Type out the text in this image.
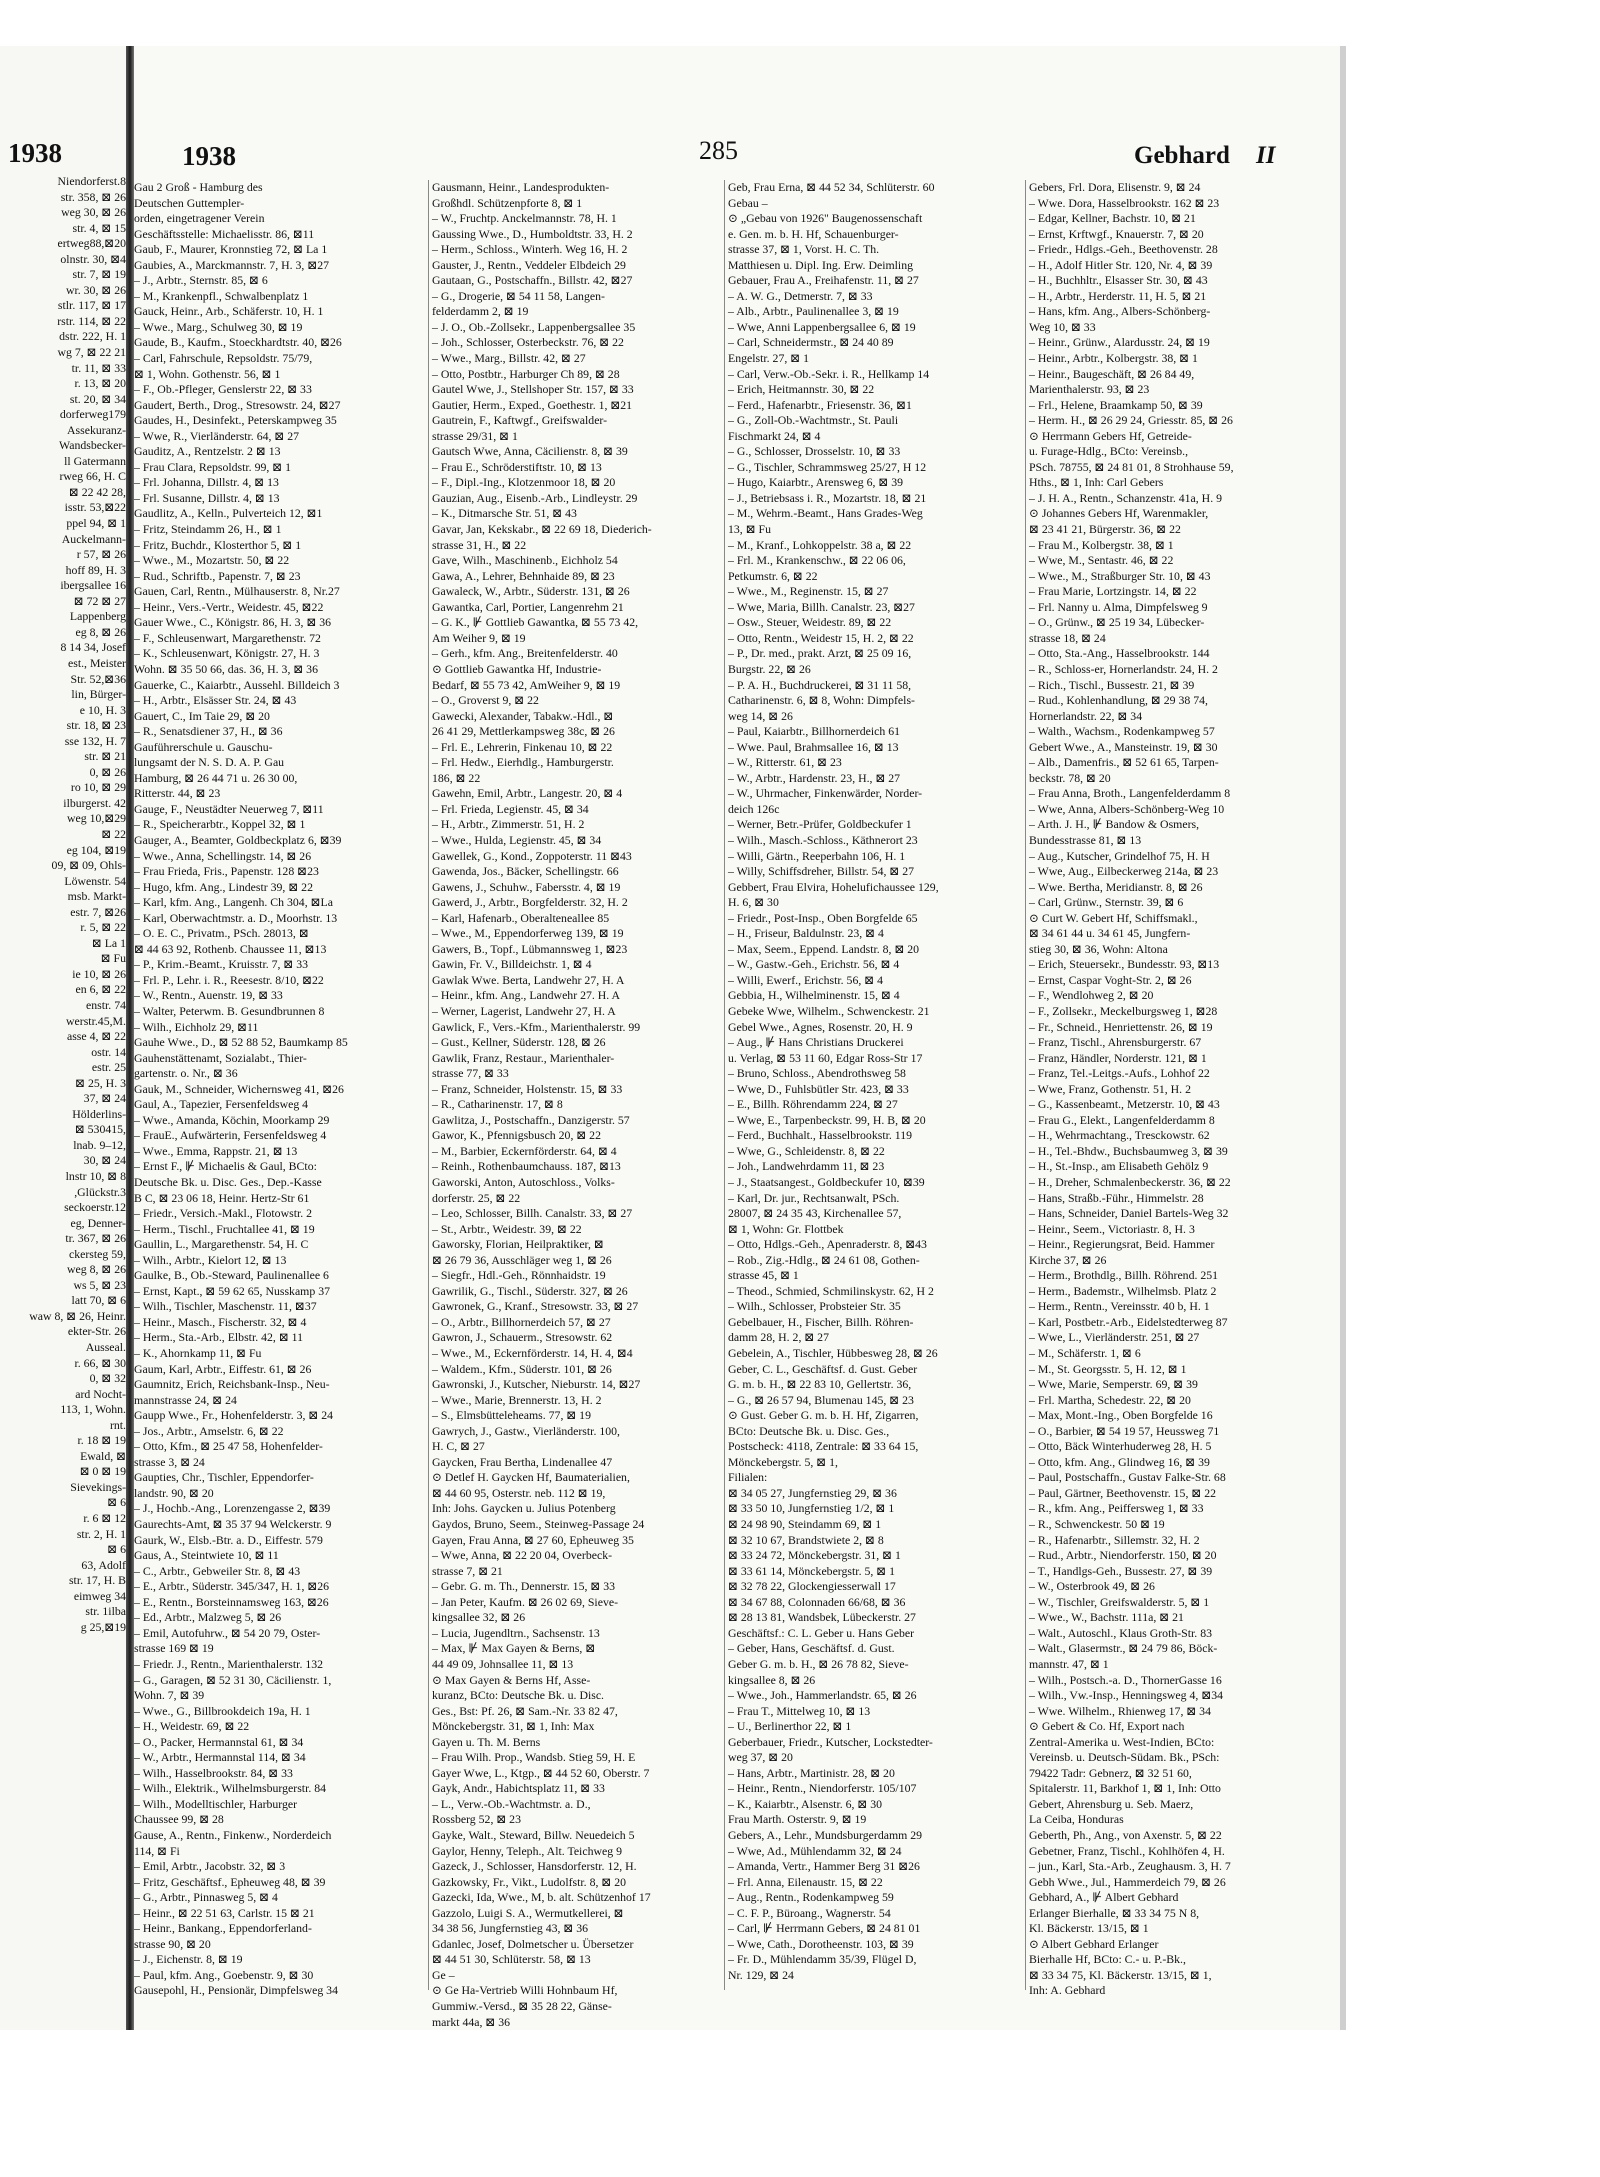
1938
Niendorferst.8
str. 358, ⊠ 26
weg 30, ⊠ 26
str. 4, ⊠ 15
ertweg88,⊠20
olnstr. 30, ⊠4
str. 7, ⊠ 19
wr. 30, ⊠ 26
stlr. 117, ⊠ 17
rstr. 114, ⊠ 22
dstr. 222, H. 1
wg 7, ⊠ 22 21
tr. 11, ⊠ 33
r. 13, ⊠ 20
st. 20, ⊠ 34
dorferweg179
Assekuranz-
Wandsbecker-
ll Gatermann
rweg 66, H. C
⊠ 22 42 28,
isstr. 53,⊠22
ppel 94, ⊠ 1
Auckelmann-
r 57, ⊠ 26
hoff 89, H. 3
ibergsallee 16
⊠ 72 ⊠ 27
Lappenberg
eg 8, ⊠ 26
8 14 34, Josef
est., Meister
Str. 52,⊠36
lin, Bürger-
e 10, H. 3
str. 18, ⊠ 23
sse 132, H. 7
str. ⊠ 21
0, ⊠ 26
ro 10, ⊠ 29
ilburgerst. 42
weg 10,⊠29
⊠ 22
eg 104, ⊠19
09, ⊠ 09, Ohls-
Löwenstr. 54
msb. Markt-
estr. 7, ⊠26
r. 5, ⊠ 22
⊠ La 1
⊠ Fu
ie 10, ⊠ 26
en 6, ⊠ 22
enstr. 74
werstr.45,M.
asse 4, ⊠ 22
ostr. 14
estr. 25
⊠ 25, H. 3
37, ⊠ 24
Hölderlins-
⊠ 530415,
lnab. 9–12,
30, ⊠ 24
lnstr 10, ⊠ 8
,Glückstr.3
seckoerstr.12
eg, Denner-
tr. 367, ⊠ 26
ckersteg 59,
weg 8, ⊠ 26
ws 5, ⊠ 23
latt 70, ⊠ 6
waw 8, ⊠ 26, Heinr.
ekter-Str. 26
Ausseal.
r. 66, ⊠ 30
0, ⊠ 32
ard Nocht-
113, 1, Wohn.
rnt.
r. 18 ⊠ 19
Ewald, ⊠
⊠ 0 ⊠ 19
Sievekings-
⊠ 6
r. 6 ⊠ 12
str. 2, H. 1
⊠ 6
63, Adolf
str. 17, H. B
eimweg 34
str. 1ilba
g 25,⊠19
1938	285	Gebhard II
Gau 2 Groß - Hamburg des
Deutschen Guttempler-
orden, eingetragener Verein
Geschäftsstelle: Michaelisstr. 86, ⊠11
Gaub, F., Maurer, Kronnstieg 72, ⊠ La 1
Gaubies, A., Marckmannstr. 7, H. 3, ⊠27
– J., Arbtr., Sternstr. 85, ⊠ 6
– M., Krankenpfl., Schwalbenplatz 1
Gauck, Heinr., Arb., Schäferstr. 10, H. 1
– Wwe., Marg., Schulweg 30, ⊠ 19
Gaude, B., Kaufm., Stoeckhardtstr. 40, ⊠26
– Carl, Fahrschule, Repsoldstr. 75/79,
⊠ 1, Wohn. Gothenstr. 56, ⊠ 1
– F., Ob.-Pfleger, Genslerstr 22, ⊠ 33
Gaudert, Berth., Drog., Stresowstr. 24, ⊠27
Gaudes, H., Desinfekt., Peterskampweg 35
– Wwe, R., Vierländerstr. 64, ⊠ 27
Gauditz, A., Rentzelstr. 2 ⊠ 13
– Frau Clara, Repsoldstr. 99, ⊠ 1
– Frl. Johanna, Dillstr. 4, ⊠ 13
– Frl. Susanne, Dillstr. 4, ⊠ 13
Gaudlitz, A., Kelln., Pulverteich 12, ⊠1
– Fritz, Steindamm 26, H., ⊠ 1
– Fritz, Buchdr., Klosterthor 5, ⊠ 1
– Wwe., M., Mozartstr. 50, ⊠ 22
– Rud., Schriftb., Papenstr. 7, ⊠ 23
Gauen, Carl, Rentn., Mülhauserstr. 8, Nr.27
– Heinr., Vers.-Vertr., Weidestr. 45, ⊠22
Gauer Wwe., C., Königstr. 86, H. 3, ⊠ 36
– F., Schleusenwart, Margarethenstr. 72
– K., Schleusenwart, Königstr. 27, H. 3
Wohn. ⊠ 35 50 66, das. 36, H. 3, ⊠ 36
Gauerke, C., Kaiarbtr., Aussehl. Billdeich 3
– H., Arbtr., Elsässer Str. 24, ⊠ 43
Gauert, C., Im Taie 29, ⊠ 20
– R., Senatsdiener 37, H., ⊠ 36
Gauführerschule u. Gauschu-
lungsamt der N. S. D. A. P. Gau
Hamburg, ⊠ 26 44 71 u. 26 30 00,
Ritterstr. 44, ⊠ 23
Gauge, F., Neustädter Neuerweg 7, ⊠11
– R., Speicherarbtr., Koppel 32, ⊠ 1
Gauger, A., Beamter, Goldbeckplatz 6, ⊠39
– Wwe., Anna, Schellingstr. 14, ⊠ 26
– Frau Frieda, Fris., Papenstr. 128 ⊠23
– Hugo, kfm. Ang., Lindestr 39, ⊠ 22
– Karl, kfm. Ang., Langenh. Ch 304, ⊠La
– Karl, Oberwachtmstr. a. D., Moorhstr. 13
– O. E. C., Privatm., PSch. 28013, ⊠
⊠ 44 63 92, Rothenb. Chaussee 11, ⊠13
– P., Krim.-Beamt., Kruisstr. 7, ⊠ 33
– Frl. P., Lehr. i. R., Reesestr. 8/10, ⊠22
– W., Rentn., Auenstr. 19, ⊠ 33
– Walter, Peterwm. B. Gesundbrunnen 8
– Wilh., Eichholz 29, ⊠11
Gauhe Wwe., D., ⊠ 52 88 52, Baumkamp 85
Gauhenstättenamt, Sozialabt., Thier-
gartenstr. o. Nr., ⊠ 36
Gauk, M., Schneider, Wichernsweg 41, ⊠26
Gaul, A., Tapezier, Fersenfeldsweg 4
– Wwe., Amanda, Köchin, Moorkamp 29
– FrauE., Aufwärterin, Fersenfeldsweg 4
– Wwe., Emma, Rappstr. 21, ⊠ 13
– Ernst F., ⊮ Michaelis & Gaul, BCto:
Deutsche Bk. u. Disc. Ges., Dep.-Kasse
B C, ⊠ 23 06 18, Heinr. Hertz-Str 61
– Friedr., Versich.-Makl., Flotowstr. 2
– Herm., Tischl., Fruchtallee 41, ⊠ 19
Gaullin, L., Margarethenstr. 54, H. C
– Wilh., Arbtr., Kielort 12, ⊠ 13
Gaulke, B., Ob.-Steward, Paulinenallee 6
– Ernst, Kapt., ⊠ 59 62 65, Nusskamp 37
– Wilh., Tischler, Maschenstr. 11, ⊠37
– Heinr., Masch., Fischerstr. 32, ⊠ 4
– Herm., Sta.-Arb., Elbstr. 42, ⊠ 11
– K., Ahornkamp 11, ⊠ Fu
Gaum, Karl, Arbtr., Eiffestr. 61, ⊠ 26
Gaumnitz, Erich, Reichsbank-Insp., Neu-
mannstrasse 24, ⊠ 24
Gaupp Wwe., Fr., Hohenfelderstr. 3, ⊠ 24
– Jos., Arbtr., Amselstr. 6, ⊠ 22
– Otto, Kfm., ⊠ 25 47 58, Hohenfelder-
strasse 3, ⊠ 24
Gaupties, Chr., Tischler, Eppendorfer-
landstr. 90, ⊠ 20
– J., Hochb.-Ang., Lorenzengasse 2, ⊠39
Gaurechts-Amt, ⊠ 35 37 94 Welckerstr. 9
Gaurk, W., Elsb.-Btr. a. D., Eiffestr. 579
Gaus, A., Steintwiete 10, ⊠ 11
– C., Arbtr., Gebweiler Str. 8, ⊠ 43
– E., Arbtr., Süderstr. 345/347, H. 1, ⊠26
– E., Rentn., Borsteinnamsweg 163, ⊠26
– Ed., Arbtr., Malzweg 5, ⊠ 26
– Emil, Autofuhrw., ⊠ 54 20 79, Oster-
strasse 169 ⊠ 19
– Friedr. J., Rentn., Marienthalerstr. 132
– G., Garagen, ⊠ 52 31 30, Cäcilienstr. 1,
Wohn. 7, ⊠ 39
– Wwe., G., Billbrookdeich 19a, H. 1
– H., Weidestr. 69, ⊠ 22
– O., Packer, Hermannstal 61, ⊠ 34
– W., Arbtr., Hermannstal 114, ⊠ 34
– Wilh., Hasselbrookstr. 84, ⊠ 33
– Wilh., Elektrik., Wilhelmsburgerstr. 84
– Wilh., Modelltischler, Harburger
Chaussee 99, ⊠ 28
Gause, A., Rentn., Finkenw., Norderdeich
114, ⊠ Fi
– Emil, Arbtr., Jacobstr. 32, ⊠ 3
– Fritz, Geschäftsf., Epheuweg 48, ⊠ 39
– G., Arbtr., Pinnasweg 5, ⊠ 4
– Heinr., ⊠ 22 51 63, Carlstr. 15 ⊠ 21
– Heinr., Bankang., Eppendorferland-
strasse 90, ⊠ 20
– J., Eichenstr. 8, ⊠ 19
– Paul, kfm. Ang., Goebenstr. 9, ⊠ 30
Gausepohl, H., Pensionär, Dimpfelsweg 34
Gausmann, Heinr., Landesprodukten-
Großhdl. Schützenpforte 8, ⊠ 1
– W., Fruchtp. Anckelmannstr. 78, H. 1
Gaussing Wwe., D., Humboldtstr. 33, H. 2
– Herm., Schloss., Winterh. Weg 16, H. 2
Gauster, J., Rentn., Veddeler Elbdeich 29
Gautaan, G., Postschaffn., Billstr. 42, ⊠27
– G., Drogerie, ⊠ 54 11 58, Langen-
felderdamm 2, ⊠ 19
– J. O., Ob.-Zollsekr., Lappenbergsallee 35
– Joh., Schlosser, Osterbeckstr. 76, ⊠ 22
– Wwe., Marg., Billstr. 42, ⊠ 27
– Otto, Postbtr., Harburger Ch 89, ⊠ 28
Gautel Wwe, J., Stellshoper Str. 157, ⊠ 33
Gautier, Herm., Exped., Goethestr. 1, ⊠21
Gautrein, F., Kaftwgf., Greifswalder-
strasse 29/31, ⊠ 1
Gautsch Wwe, Anna, Cäcilienstr. 8, ⊠ 39
– Frau E., Schröderstiftstr. 10, ⊠ 13
– F., Dipl.-Ing., Klotzenmoor 18, ⊠ 20
Gauzian, Aug., Eisenb.-Arb., Lindleystr. 29
– K., Ditmarsche Str. 51, ⊠ 43
Gavar, Jan, Kekskabr., ⊠ 22 69 18, Diederich-
strasse 31, H., ⊠ 22
Gave, Wilh., Maschinenb., Eichholz 54
Gawa, A., Lehrer, Behnhaide 89, ⊠ 23
Gawaleck, W., Arbtr., Süderstr. 131, ⊠ 26
Gawantka, Carl, Portier, Langenrehm 21
– G. K., ⊮ Gottlieb Gawantka, ⊠ 55 73 42,
Am Weiher 9, ⊠ 19
– Gerh., kfm. Ang., Breitenfelderstr. 40
⊙ Gottlieb Gawantka Hf, Industrie-
Bedarf, ⊠ 55 73 42, AmWeiher 9, ⊠ 19
– O., Groverst 9, ⊠ 22
Gawecki, Alexander, Tabakw.-Hdl., ⊠
26 41 29, Mettlerkampsweg 38c, ⊠ 26
– Frl. E., Lehrerin, Finkenau 10, ⊠ 22
– Frl. Hedw., Eierhdlg., Hamburgerstr.
186, ⊠ 22
Gawehn, Emil, Arbtr., Langestr. 20, ⊠ 4
– Frl. Frieda, Legienstr. 45, ⊠ 34
– H., Arbtr., Zimmerstr. 51, H. 2
– Wwe., Hulda, Legienstr. 45, ⊠ 34
Gawellek, G., Kond., Zoppoterstr. 11 ⊠43
Gawenda, Jos., Bäcker, Schellingstr. 66
Gawens, J., Schuhw., Fabersstr. 4, ⊠ 19
Gawerd, J., Arbtr., Borgfelderstr. 32, H. 2
– Karl, Hafenarb., Oberalteneallee 85
– Wwe., M., Eppendorferweg 139, ⊠ 19
Gawers, B., Topf., Lübmannsweg 1, ⊠23
Gawin, Fr. V., Billdeichstr. 1, ⊠ 4
Gawlak Wwe. Berta, Landwehr 27, H. A
– Heinr., kfm. Ang., Landwehr 27. H. A
– Werner, Lagerist, Landwehr 27, H. A
Gawlick, F., Vers.-Kfm., Marienthalerstr. 99
– Gust., Kellner, Süderstr. 128, ⊠ 26
Gawlik, Franz, Restaur., Marienthaler-
strasse 77, ⊠ 33
– Franz, Schneider, Holstenstr. 15, ⊠ 33
– R., Catharinenstr. 17, ⊠ 8
Gawlitza, J., Postschaffn., Danzigerstr. 57
Gawor, K., Pfennigsbusch 20, ⊠ 22
– M., Barbier, Eckernförderstr. 64, ⊠ 4
– Reinh., Rothenbaumchauss. 187, ⊠13
Gaworski, Anton, Autoschloss., Volks-
dorferstr. 25, ⊠ 22
– Leo, Schlosser, Billh. Canalstr. 33, ⊠ 27
– St., Arbtr., Weidestr. 39, ⊠ 22
Gaworsky, Florian, Heilpraktiker, ⊠
⊠ 26 79 36, Ausschläger weg 1, ⊠ 26
– Siegfr., Hdl.-Geh., Rönnhaidstr. 19
Gawrilik, G., Tischl., Süderstr. 327, ⊠ 26
Gawronek, G., Kranf., Stresowstr. 33, ⊠ 27
– O., Arbtr., Billhornerdeich 57, ⊠ 27
Gawron, J., Schauerm., Stresowstr. 62
– Wwe., M., Eckernförderstr. 14, H. 4, ⊠4
– Waldem., Kfm., Süderstr. 101, ⊠ 26
Gawronski, J., Kutscher, Nieburstr. 14, ⊠27
– Wwe., Marie, Brennerstr. 13, H. 2
– S., Elmsbütteleheams. 77, ⊠ 19
Gawrych, J., Gastw., Vierländerstr. 100,
H. C, ⊠ 27
Gaycken, Frau Bertha, Lindenallee 47
⊙ Detlef H. Gaycken Hf, Baumaterialien,
⊠ 44 60 95, Osterstr. neb. 112 ⊠ 19,
Inh: Johs. Gaycken u. Julius Potenberg
Gaydos, Bruno, Seem., Steinweg-Passage 24
Gayen, Frau Anna, ⊠ 27 60, Epheuweg 35
– Wwe, Anna, ⊠ 22 20 04, Overbeck-
strasse 7, ⊠ 21
– Gebr. G. m. Th., Dennerstr. 15, ⊠ 33
– Jan Peter, Kaufm. ⊠ 26 02 69, Sieve-
kingsallee 32, ⊠ 26
– Lucia, Jugendltrn., Sachsenstr. 13
– Max, ⊮ Max Gayen & Berns, ⊠
44 49 09, Johnsallee 11, ⊠ 13
⊙ Max Gayen & Berns Hf, Asse-
kuranz, BCto: Deutsche Bk. u. Disc.
Ges., Bst: Pf. 26, ⊠ Sam.-Nr. 33 82 47,
Mönckebergstr. 31, ⊠ 1, Inh: Max
Gayen u. Th. M. Berns
– Frau Wilh. Prop., Wandsb. Stieg 59, H. E
Gayer Wwe, L., Ktgp., ⊠ 44 52 60, Oberstr. 7
Gayk, Andr., Habichtsplatz 11, ⊠ 33
– L., Verw.-Ob.-Wachtmstr. a. D.,
Rossberg 52, ⊠ 23
Gayke, Walt., Steward, Billw. Neuedeich 5
Gaylor, Henny, Teleph., Alt. Teichweg 9
Gazeck, J., Schlosser, Hansdorferstr. 12, H.
Gazkowsky, Fr., Vikt., Ludolfstr. 8, ⊠ 20
Gazecki, Ida, Wwe., M, b. alt. Schützenhof 17
Gazzolo, Luigi S. A., Wermutkellerei, ⊠
34 38 56, Jungfernstieg 43, ⊠ 36
Gdanlec, Josef, Dolmetscher u. Übersetzer
⊠ 44 51 30, Schlüterstr. 58, ⊠ 13
Ge –
⊙ Ge Ha-Vertrieb Willi Hohnbaum Hf,
Gummiw.-Versd., ⊠ 35 28 22, Gänse-
markt 44a, ⊠ 36
Geb, Frau Erna, ⊠ 44 52 34, Schlüterstr. 60
Gebau –
⊙ „Gebau von 1926" Baugenossenschaft
e. Gen. m. b. H. Hf, Schauenburger-
strasse 37, ⊠ 1, Vorst. H. C. Th.
Matthiesen u. Dipl. Ing. Erw. Deimling
Gebauer, Frau A., Freihafenstr. 11, ⊠ 27
– A. W. G., Detmerstr. 7, ⊠ 33
– Alb., Arbtr., Paulinenallee 3, ⊠ 19
– Wwe, Anni Lappenbergsallee 6, ⊠ 19
– Carl, Schneidermstr., ⊠ 24 40 89
Engelstr. 27, ⊠ 1
– Carl, Verw.-Ob.-Sekr. i. R., Hellkamp 14
– Erich, Heitmannstr. 30, ⊠ 22
– Ferd., Hafenarbtr., Friesenstr. 36, ⊠1
– G., Zoll-Ob.-Wachtmstr., St. Pauli
Fischmarkt 24, ⊠ 4
– G., Schlosser, Drosselstr. 10, ⊠ 33
– G., Tischler, Schrammsweg 25/27, H 12
– Hugo, Kaiarbtr., Arensweg 6, ⊠ 39
– J., Betriebsass i. R., Mozartstr. 18, ⊠ 21
– M., Wehrm.-Beamt., Hans Grades-Weg
13, ⊠ Fu
– M., Kranf., Lohkoppelstr. 38 a, ⊠ 22
– Frl. M., Krankenschw., ⊠ 22 06 06,
Petkumstr. 6, ⊠ 22
– Wwe., M., Reginenstr. 15, ⊠ 27
– Wwe, Maria, Billh. Canalstr. 23, ⊠27
– Osw., Steuer, Weidestr. 89, ⊠ 22
– Otto, Rentn., Weidestr 15, H. 2, ⊠ 22
– P., Dr. med., prakt. Arzt, ⊠ 25 09 16,
Burgstr. 22, ⊠ 26
– P. A. H., Buchdruckerei, ⊠ 31 11 58,
Catharinenstr. 6, ⊠ 8, Wohn: Dimpfels-
weg 14, ⊠ 26
– Paul, Kaiarbtr., Billhornerdeich 61
– Wwe. Paul, Brahmsallee 16, ⊠ 13
– W., Ritterstr. 61, ⊠ 23
– W., Arbtr., Hardenstr. 23, H., ⊠ 27
– W., Uhrmacher, Finkenwärder, Norder-
deich 126c
– Werner, Betr.-Prüfer, Goldbeckufer 1
– Wilh., Masch.-Schloss., Käthnerort 23
– Willi, Gärtn., Reeperbahn 106, H. 1
– Willy, Schiffsdreher, Billstr. 54, ⊠ 27
Gebbert, Frau Elvira, Hohelufichaussee 129,
H. 6, ⊠ 30
– Friedr., Post-Insp., Oben Borgfelde 65
– H., Friseur, Baldulnstr. 23, ⊠ 4
– Max, Seem., Eppend. Landstr. 8, ⊠ 20
– W., Gastw.-Geh., Erichstr. 56, ⊠ 4
– Willi, Ewerf., Erichstr. 56, ⊠ 4
Gebbia, H., Wilhelminenstr. 15, ⊠ 4
Gebeke Wwe, Wilhelm., Schwenckestr. 21
Gebel Wwe., Agnes, Rosenstr. 20, H. 9
– Aug., ⊮ Hans Christians Druckerei
u. Verlag, ⊠ 53 11 60, Edgar Ross-Str 17
– Bruno, Schloss., Abendrothsweg 58
– Wwe, D., Fuhlsbütler Str. 423, ⊠ 33
– E., Billh. Röhrendamm 224, ⊠ 27
– Wwe, E., Tarpenbeckstr. 99, H. B, ⊠ 20
– Ferd., Buchhalt., Hasselbrookstr. 119
– Wwe, G., Schleidenstr. 8, ⊠ 22
– Joh., Landwehrdamm 11, ⊠ 23
– J., Staatsangest., Goldbeckufer 10, ⊠39
– Karl, Dr. jur., Rechtsanwalt, PSch.
28007, ⊠ 24 35 43, Kirchenallee 57,
⊠ 1, Wohn: Gr. Flottbek
– Otto, Hdlgs.-Geh., Apenraderstr. 8, ⊠43
– Rob., Zig.-Hdlg., ⊠ 24 61 08, Gothen-
strasse 45, ⊠ 1
– Theod., Schmied, Schmilinskystr. 62, H 2
– Wilh., Schlosser, Probsteier Str. 35
Gebelbauer, H., Fischer, Billh. Röhren-
damm 28, H. 2, ⊠ 27
Gebelein, A., Tischler, Hübbesweg 28, ⊠ 26
Geber, C. L., Geschäftsf. d. Gust. Geber
G. m. b. H., ⊠ 22 83 10, Gellertstr. 36,
– G., ⊠ 26 57 94, Blumenau 145, ⊠ 23
⊙ Gust. Geber G. m. b. H. Hf, Zigarren,
BCto: Deutsche Bk. u. Disc. Ges.,
Postscheck: 4118, Zentrale: ⊠ 33 64 15,
Mönckebergstr. 5, ⊠ 1,
Filialen:
⊠ 34 05 27, Jungfernstieg 29, ⊠ 36
⊠ 33 50 10, Jungfernstieg 1/2, ⊠ 1
⊠ 24 98 90, Steindamm 69, ⊠ 1
⊠ 32 10 67, Brandstwiete 2, ⊠ 8
⊠ 33 24 72, Mönckebergstr. 31, ⊠ 1
⊠ 33 61 14, Mönckebergstr. 5, ⊠ 1
⊠ 32 78 22, Glockengiesserwall 17
⊠ 34 67 88, Colonnaden 66/68, ⊠ 36
⊠ 28 13 81, Wandsbek, Lübeckerstr. 27
Geschäftsf.: C. L. Geber u. Hans Geber
– Geber, Hans, Geschäftsf. d. Gust.
Geber G. m. b. H., ⊠ 26 78 82, Sieve-
kingsallee 8, ⊠ 26
– Wwe., Joh., Hammerlandstr. 65, ⊠ 26
– Frau T., Mittelweg 10, ⊠ 13
– U., Berlinerthor 22, ⊠ 1
Geberbauer, Friedr., Kutscher, Lockstedter-
weg 37, ⊠ 20
– Hans, Arbtr., Martinistr. 28, ⊠ 20
– Heinr., Rentn., Niendorferstr. 105/107
– K., Kaiarbtr., Alsenstr. 6, ⊠ 30
Frau Marth. Osterstr. 9, ⊠ 19
Gebers, A., Lehr., Mundsburgerdamm 29
– Wwe, Ad., Mühlendamm 32, ⊠ 24
– Amanda, Vertr., Hammer Berg 31 ⊠26
– Frl. Anna, Eilenaustr. 15, ⊠ 22
– Aug., Rentn., Rodenkampweg 59
– C. F. P., Büroang., Wagnerstr. 54
– Carl, ⊮ Herrmann Gebers, ⊠ 24 81 01
– Wwe, Cath., Dorotheenstr. 103, ⊠ 39
– Fr. D., Mühlendamm 35/39, Flügel D,
Nr. 129, ⊠ 24
Gebers, Frl. Dora, Elisenstr. 9, ⊠ 24
– Wwe. Dora, Hasselbrookstr. 162 ⊠ 23
– Edgar, Kellner, Bachstr. 10, ⊠ 21
– Ernst, Krftwgf., Knauerstr. 7, ⊠ 20
– Friedr., Hdlgs.-Geh., Beethovenstr. 28
– H., Adolf Hitler Str. 120, Nr. 4, ⊠ 39
– H., Buchhltr., Elsasser Str. 30, ⊠ 43
– H., Arbtr., Herderstr. 11, H. 5, ⊠ 21
– Hans, kfm. Ang., Albers-Schönberg-
Weg 10, ⊠ 33
– Heinr., Grünw., Alardusstr. 24, ⊠ 19
– Heinr., Arbtr., Kolbergstr. 38, ⊠ 1
– Heinr., Baugeschäft, ⊠ 26 84 49,
Marienthalerstr. 93, ⊠ 23
– Frl., Helene, Braamkamp 50, ⊠ 39
– Herm. H., ⊠ 26 29 24, Griesstr. 85, ⊠ 26
⊙ Herrmann Gebers Hf, Getreide-
u. Furage-Hdlg., BCto: Vereinsb.,
PSch. 78755, ⊠ 24 81 01, 8 Strohhause 59,
Hths., ⊠ 1, Inh: Carl Gebers
– J. H. A., Rentn., Schanzenstr. 41a, H. 9
⊙ Johannes Gebers Hf, Warenmakler,
⊠ 23 41 21, Bürgerstr. 36, ⊠ 22
– Frau M., Kolbergstr. 38, ⊠ 1
– Wwe, M., Sentastr. 46, ⊠ 22
– Wwe., M., Straßburger Str. 10, ⊠ 43
– Frau Marie, Lortzingstr. 14, ⊠ 22
– Frl. Nanny u. Alma, Dimpfelsweg 9
– O., Grünw., ⊠ 25 19 34, Lübecker-
strasse 18, ⊠ 24
– Otto, Sta.-Ang., Hasselbrookstr. 144
– R., Schloss-er, Hornerlandstr. 24, H. 2
– Rich., Tischl., Bussestr. 21, ⊠ 39
– Rud., Kohlenhandlung, ⊠ 29 38 74,
Hornerlandstr. 22, ⊠ 34
– Walth., Wachsm., Rodenkampweg 57
Gebert Wwe., A., Mansteinstr. 19, ⊠ 30
– Alb., Damenfris., ⊠ 52 61 65, Tarpen-
beckstr. 78, ⊠ 20
– Frau Anna, Broth., Langenfelderdamm 8
– Wwe, Anna, Albers-Schönberg-Weg 10
– Arth. J. H., ⊮ Bandow & Osmers,
Bundesstrasse 81, ⊠ 13
– Aug., Kutscher, Grindelhof 75, H. H
– Wwe, Aug., Eilbeckerweg 214a, ⊠ 23
– Wwe. Bertha, Meridianstr. 8, ⊠ 26
– Carl, Grünw., Sternstr. 39, ⊠ 6
⊙ Curt W. Gebert Hf, Schiffsmakl.,
⊠ 34 61 44 u. 34 61 45, Jungfern-
stieg 30, ⊠ 36, Wohn: Altona
– Erich, Steuersekr., Bundesstr. 93, ⊠13
– Ernst, Caspar Voght-Str. 2, ⊠ 26
– F., Wendlohweg 2, ⊠ 20
– F., Zollsekr., Meckelburgsweg 1, ⊠28
– Fr., Schneid., Henriettenstr. 26, ⊠ 19
– Franz, Tischl., Ahrensburgerstr. 67
– Franz, Händler, Norderstr. 121, ⊠ 1
– Franz, Tel.-Leitgs.-Aufs., Lohhof 22
– Wwe, Franz, Gothenstr. 51, H. 2
– G., Kassenbeamt., Metzerstr. 10, ⊠ 43
– Frau G., Elekt., Langenfelderdamm 8
– H., Wehrmachtang., Tresckowstr. 62
– H., Tel.-Bhdw., Buchsbaumweg 3, ⊠ 39
– H., St.-Insp., am Elisabeth Gehölz 9
– H., Dreher, Schmalenbeckerstr. 36, ⊠ 22
– Hans, Straßb.-Führ., Himmelstr. 28
– Hans, Schneider, Daniel Bartels-Weg 32
– Heinr., Seem., Victoriastr. 8, H. 3
– Heinr., Regierungsrat, Beid. Hammer
Kirche 37, ⊠ 26
– Herm., Brothdlg., Billh. Röhrend. 251
– Herm., Bademstr., Wilhelmsb. Platz 2
– Herm., Rentn., Vereinsstr. 40 b, H. 1
– Karl, Postbetr.-Arb., Eidelstedterweg 87
– Wwe, L., Vierländerstr. 251, ⊠ 27
– M., Schäferstr. 1, ⊠ 6
– M., St. Georgsstr. 5, H. 12, ⊠ 1
– Wwe, Marie, Semperstr. 69, ⊠ 39
– Frl. Martha, Schedestr. 22, ⊠ 20
– Max, Mont.-Ing., Oben Borgfelde 16
– O., Barbier, ⊠ 54 19 57, Heussweg 71
– Otto, Bäck Winterhuderweg 28, H. 5
– Otto, kfm. Ang., Glindweg 16, ⊠ 39
– Paul, Postschaffn., Gustav Falke-Str. 68
– Paul, Gärtner, Beethovenstr. 15, ⊠ 22
– R., kfm. Ang., Peiffersweg 1, ⊠ 33
– R., Schwenckestr. 50 ⊠ 19
– R., Hafenarbtr., Sillemstr. 32, H. 2
– Rud., Arbtr., Niendorferstr. 150, ⊠ 20
– T., Handlgs-Geh., Bussestr. 27, ⊠ 39
– W., Osterbrook 49, ⊠ 26
– W., Tischler, Greifswalderstr. 5, ⊠ 1
– Wwe., W., Bachstr. 111a, ⊠ 21
– Walt., Autoschl., Klaus Groth-Str. 83
– Walt., Glasermstr., ⊠ 24 79 86, Böck-
mannstr. 47, ⊠ 1
– Wilh., Postsch.-a. D., ThornerGasse 16
– Wilh., Vw.-Insp., Henningsweg 4, ⊠34
– Wwe. Wilhelm., Rhienweg 17, ⊠ 34
⊙ Gebert & Co. Hf, Export nach
Zentral-Amerika u. West-Indien, BCto:
Vereinsb. u. Deutsch-Südam. Bk., PSch:
79422 Tadr: Gebnerz, ⊠ 32 51 60,
Spitalerstr. 11, Barkhof 1, ⊠ 1, Inh: Otto
Gebert, Ahrensburg u. Seb. Maerz,
La Ceiba, Honduras
Geberth, Ph., Ang., von Axenstr. 5, ⊠ 22
Gebetner, Franz, Tischl., Kohlhöfen 4, H.
– jun., Karl, Sta.-Arb., Zeughausm. 3, H. 7
Gebh Wwe., Jul., Hammerdeich 79, ⊠ 26
Gebhard, A., ⊮ Albert Gebhard
Erlanger Bierhalle, ⊠ 33 34 75 N 8,
Kl. Bäckerstr. 13/15, ⊠ 1
⊙ Albert Gebhard Erlanger
Bierhalle Hf, BCto: C.- u. P.-Bk.,
⊠ 33 34 75, Kl. Bäckerstr. 13/15, ⊠ 1,
Inh: A. Gebhard
